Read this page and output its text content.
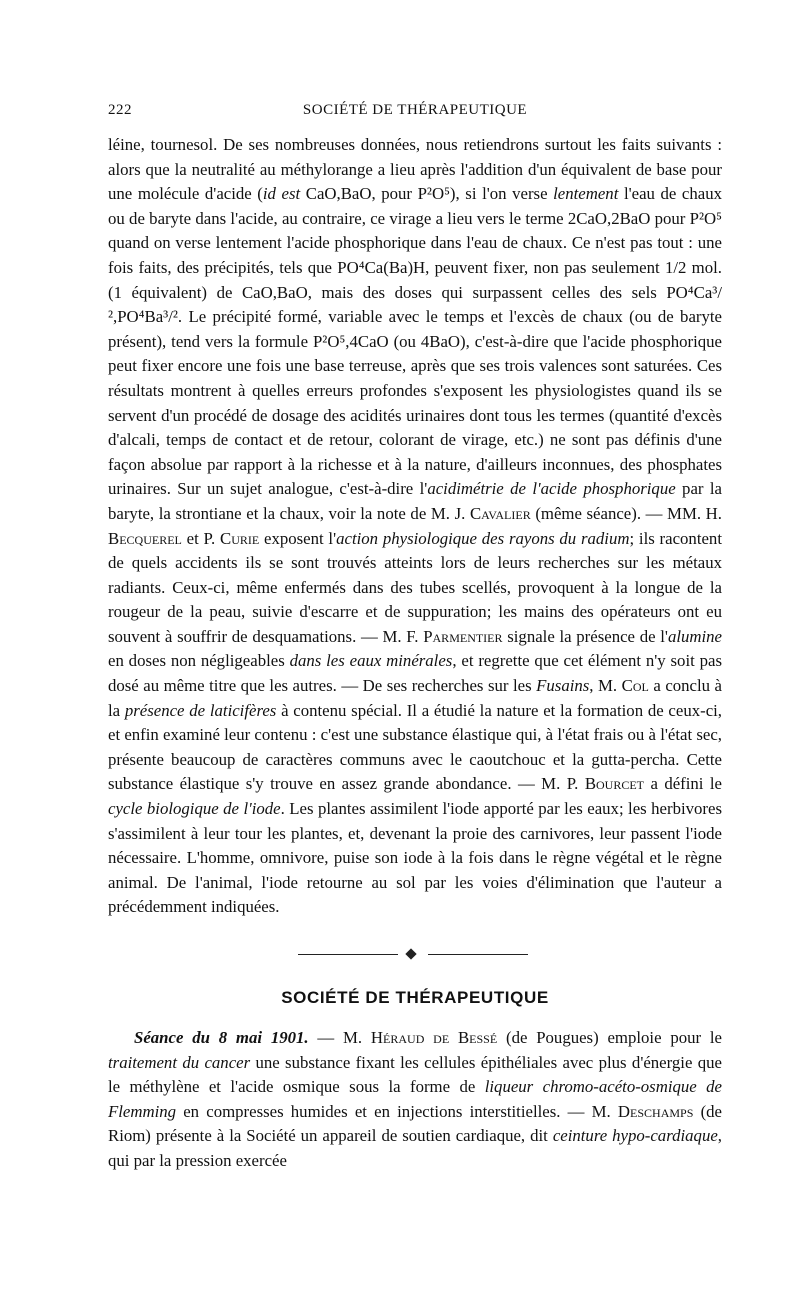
222	SOCIÉTÉ DE THÉRAPEUTIQUE

léine, tournesol. De ses nombreuses données, nous retiendrons surtout les faits suivants : alors que la neutralité au méthylorange a lieu après l'addition d'un équivalent de base pour une molécule d'acide (id est CaO,BaO, pour P²O⁵), si l'on verse lentement l'eau de chaux ou de baryte dans l'acide, au contraire, ce virage a lieu vers le terme 2CaO,2BaO pour P²O⁵ quand on verse lentement l'acide phosphorique dans l'eau de chaux. Ce n'est pas tout : une fois faits, des précipités, tels que PO⁴Ca(Ba)H, peuvent fixer, non pas seulement 1/2 mol. (1 équivalent) de CaO,BaO, mais des doses qui surpassent celles des sels PO⁴Ca³/²,PO⁴Ba³/². Le précipité formé, variable avec le temps et l'excès de chaux (ou de baryte présent), tend vers la formule P²O⁵,4CaO (ou 4BaO), c'est-à-dire que l'acide phosphorique peut fixer encore une fois une base terreuse, après que ses trois valences sont saturées. Ces résultats montrent à quelles erreurs profondes s'exposent les physiologistes quand ils se servent d'un procédé de dosage des acidités urinaires dont tous les termes (quantité d'excès d'alcali, temps de contact et de retour, colorant de virage, etc.) ne sont pas définis d'une façon absolue par rapport à la richesse et à la nature, d'ailleurs inconnues, des phosphates urinaires. Sur un sujet analogue, c'est-à-dire l'acidimétrie de l'acide phosphorique par la baryte, la strontiane et la chaux, voir la note de M. J. Cavalier (même séance). — MM. H. Becquerel et P. Curie exposent l'action physiologique des rayons du radium; ils racontent de quels accidents ils se sont trouvés atteints lors de leurs recherches sur les métaux radiants. Ceux-ci, même enfermés dans des tubes scellés, provoquent à la longue de la rougeur de la peau, suivie d'escarre et de suppuration; les mains des opérateurs ont eu souvent à souffrir de desquamations. — M. F. Parmentier signale la présence de l'alumine en doses non négligeables dans les eaux minérales, et regrette que cet élément n'y soit pas dosé au même titre que les autres. — De ses recherches sur les Fusains, M. Col a conclu à la présence de laticifères à contenu spécial. Il a étudié la nature et la formation de ceux-ci, et enfin examiné leur contenu : c'est une substance élastique qui, à l'état frais ou à l'état sec, présente beaucoup de caractères communs avec le caoutchouc et la gutta-percha. Cette substance élastique s'y trouve en assez grande abondance. — M. P. Bourcet a défini le cycle biologique de l'iode. Les plantes assimilent l'iode apporté par les eaux; les herbivores s'assimilent à leur tour les plantes, et, devenant la proie des carnivores, leur passent l'iode nécessaire. L'homme, omnivore, puise son iode à la fois dans le règne végétal et le règne animal. De l'animal, l'iode retourne au sol par les voies d'élimination que l'auteur a précédemment indiquées.

SOCIÉTÉ DE THÉRAPEUTIQUE

Séance du 8 mai 1901. — M. Héraud de Bessé (de Pougues) emploie pour le traitement du cancer une substance fixant les cellules épithéliales avec plus d'énergie que le méthylène et l'acide osmique sous la forme de liqueur chromo-acéto-osmique de Flemming en compresses humides et en injections interstitielles. — M. Deschamps (de Riom) présente à la Société un appareil de soutien cardiaque, dit ceinture hypo-cardiaque, qui par la pression exercée
